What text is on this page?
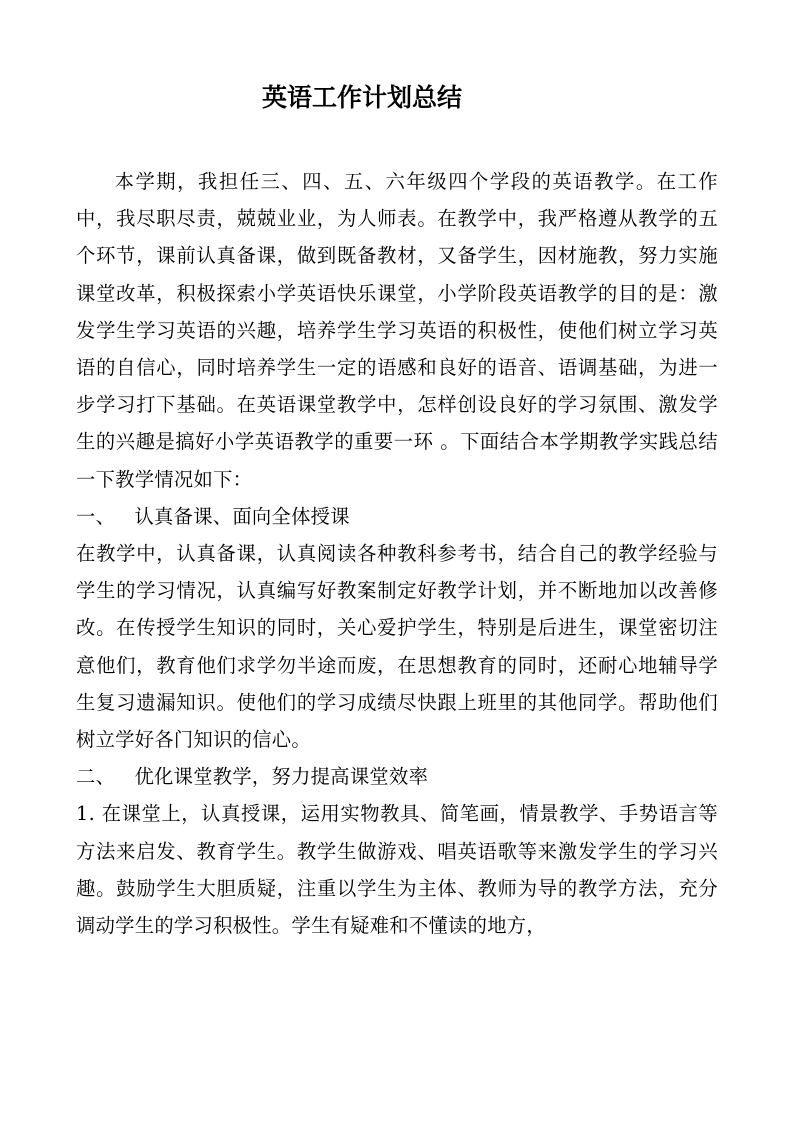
英语工作计划总结

本学期，我担任三、四、五、六年级四个学段的英语教学。在工作中，我尽职尽责，兢兢业业，为人师表。在教学中，我严格遵从教学的五个环节，课前认真备课，做到既备教材，又备学生，因材施教，努力实施课堂改革，积极探索小学英语快乐课堂，小学阶段英语教学的目的是：激发学生学习英语的兴趣，培养学生学习英语的积极性，使他们树立学习英语的自信心，同时培养学生一定的语感和良好的语音、语调基础，为进一步学习打下基础。在英语课堂教学中，怎样创设良好的学习氛围、激发学生的兴趣是搞好小学英语教学的重要一环 。下面结合本学期教学实践总结一下教学情况如下：

一、   认真备课、面向全体授课

在教学中，认真备课，认真阅读各种教科参考书，结合自己的教学经验与学生的学习情况，认真编写好教案制定好教学计划，并不断地加以改善修改。在传授学生知识的同时，关心爱护学生，特别是后进生，课堂密切注意他们，教育他们求学勿半途而废，在思想教育的同时，还耐心地辅导学生复习遗漏知识。使他们的学习成绩尽快跟上班里的其他同学。帮助他们树立学好各门知识的信心。

二、   优化课堂教学，努力提高课堂效率

1. 在课堂上，认真授课，运用实物教具、简笔画，情景教学、手势语言等方法来启发、教育学生。教学生做游戏、唱英语歌等来激发学生的学习兴趣。鼓励学生大胆质疑，注重以学生为主体、教师为导的教学方法，充分调动学生的学习积极性。学生有疑难和不懂读的地方，
